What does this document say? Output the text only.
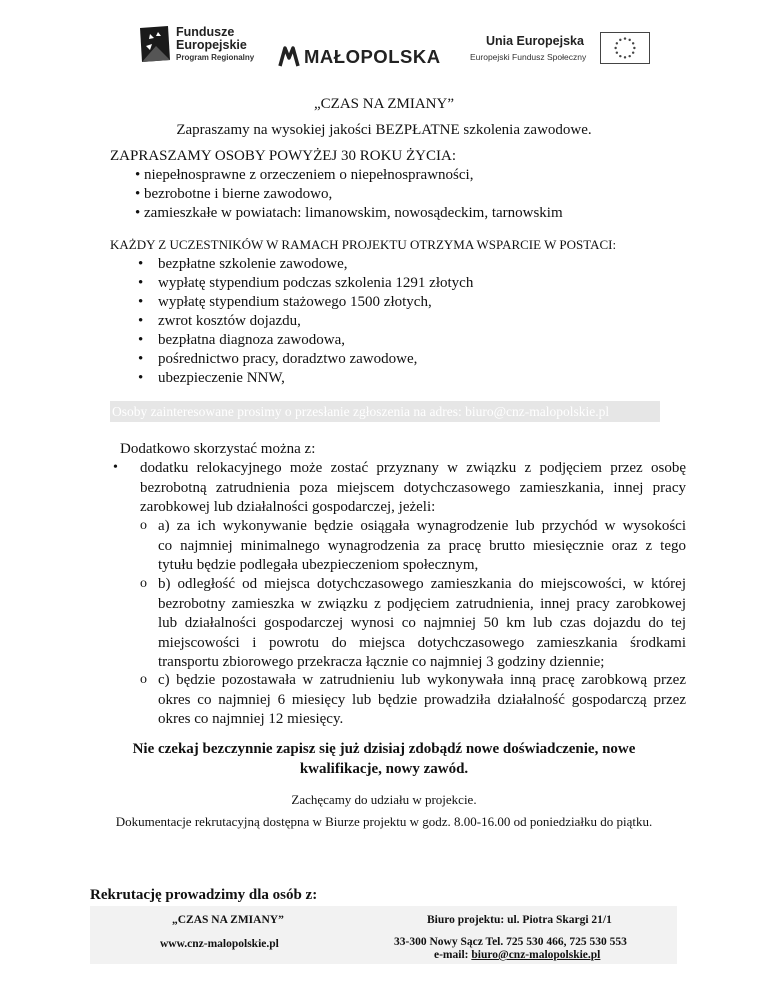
Fundusze
Europejskie
Program Regionalny	MAŁOPOLSKA
Unia Europejska
Europejski Fundusz Społeczny
„CZAS NA ZMIANY”
Zapraszamy na wysokiej jakości BEZPŁATNE szkolenia zawodowe.
ZAPRASZAMY OSOBY POWYŻEJ 30 ROKU ŻYCIA:
• niepełnosprawne z orzeczeniem o niepełnosprawności,
• bezrobotne i bierne zawodowo,
• zamieszkałe w powiatach: limanowskim, nowosądeckim, tarnowskim
KAŻDY Z UCZESTNIKÓW W RAMACH PROJEKTU OTRZYMA WSPARCIE W POSTACI:
• bezpłatne szkolenie zawodowe,
• wypłatę stypendium podczas szkolenia 1291 złotych
• wypłatę stypendium stażowego 1500 złotych,
• zwrot kosztów dojazdu,
• bezpłatna diagnoza zawodowa,
• pośrednictwo pracy, doradztwo zawodowe,
• ubezpieczenie NNW,
Osoby zainteresowane prosimy o przesłanie zgłoszenia na adres: biuro@cnz-malopolskie.pl
Dodatkowo skorzystać można z:
• dodatku relokacyjnego może zostać przyznany w związku z podjęciem przez osobę
bezrobotną zatrudnienia poza miejscem dotychczasowego zamieszkania, innej pracy
zarobkowej lub działalności gospodarczej, jeżeli:
o a) za ich wykonywanie będzie osiągała wynagrodzenie lub przychód w wysokości
co najmniej minimalnego wynagrodzenia za pracę brutto miesięcznie oraz z tego
tytułu będzie podlegała ubezpieczeniom społecznym,
o b) odległość od miejsca dotychczasowego zamieszkania do miejscowości, w której
bezrobotny zamieszka w związku z podjęciem zatrudnienia, innej pracy zarobkowej
lub działalności gospodarczej wynosi co najmniej 50 km lub czas dojazdu do tej
miejscowości i powrotu do miejsca dotychczasowego zamieszkania środkami
transportu zbiorowego przekracza łącznie co najmniej 3 godziny dziennie;
o c) będzie pozostawała w zatrudnieniu lub wykonywała inną pracę zarobkową przez
okres co najmniej 6 miesięcy lub będzie prowadziła działalność gospodarczą przez
okres co najmniej 12 miesięcy.
Nie czekaj bezczynnie zapisz się już dzisiaj zdobądź nowe doświadczenie, nowe
kwalifikacje, nowy zawód.
Zachęcamy do udziału w projekcie.
Dokumentacje rekrutacyjną dostępna w Biurze projektu w godz. 8.00-16.00 od poniedziałku do piątku.
Rekrutację prowadzimy dla osób z:
„CZAS NA ZMIANY”
www.cnz-malopolskie.pl
Biuro projektu: ul. Piotra Skargi 21/1
33-300 Nowy Sącz Tel. 725 530 466, 725 530 553
e-mail: biuro@cnz-malopolskie.pl
